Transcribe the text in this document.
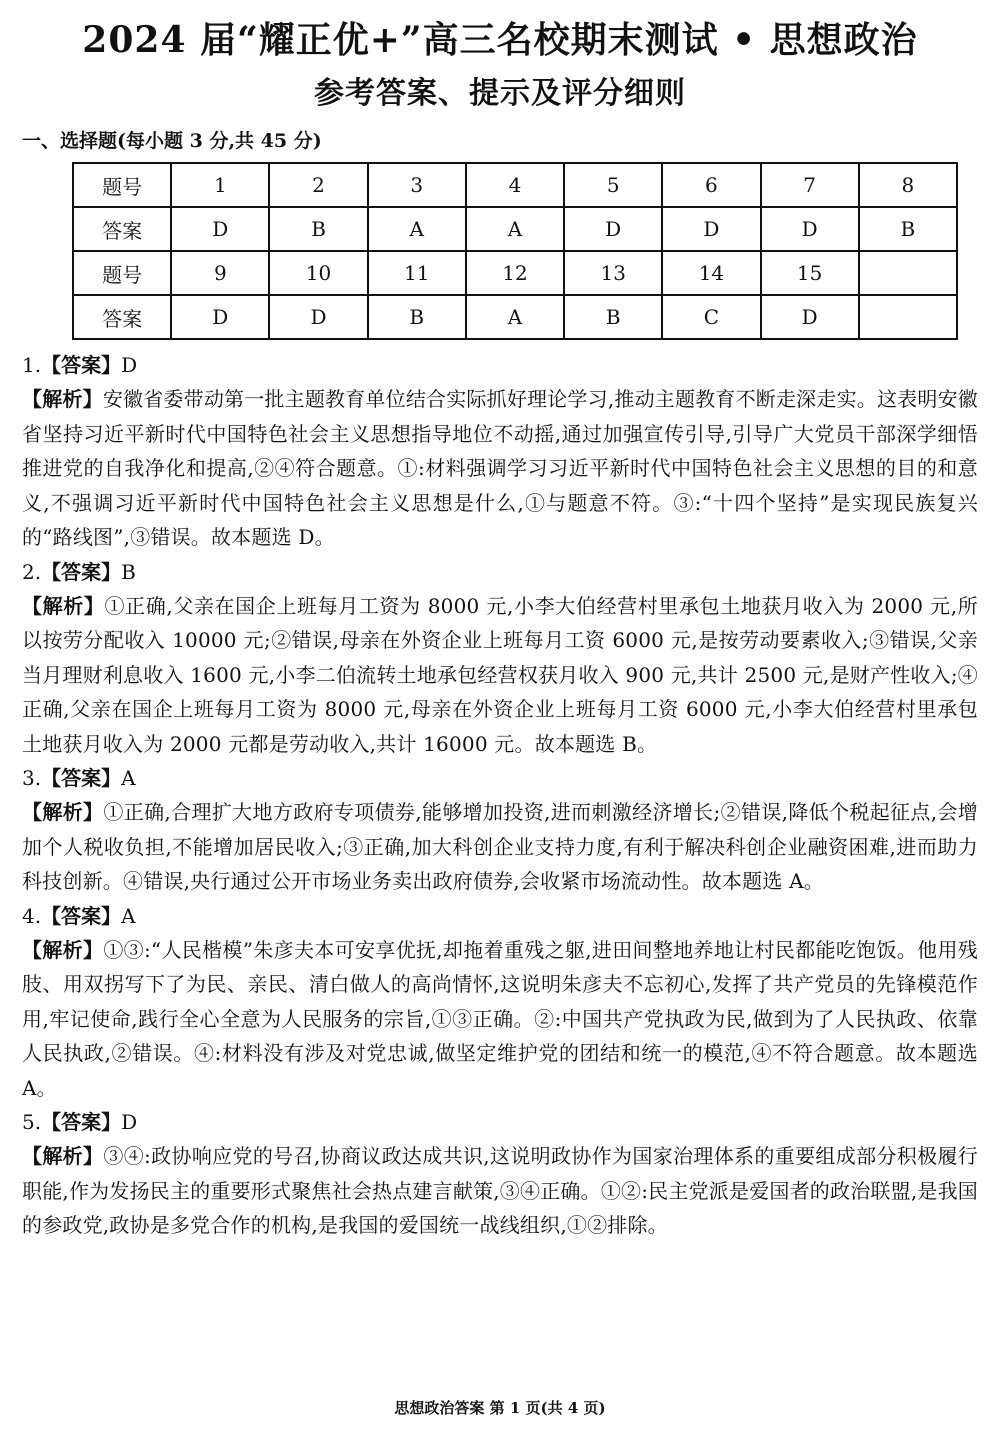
2024 届“耀正优+”高三名校期末测试 • 思想政治
参考答案、提示及评分细则

一、选择题(每小题 3 分,共 45 分)

题号	1	2	3	4	5	6	7	8
答案	D	B	A	A	D	D	D	B
题号	9	10	11	12	13	14	15	
答案	D	D	B	A	B	C	D	

1.【答案】D

【解析】安徽省委带动第一批主题教育单位结合实际抓好理论学习,推动主题教育不断走深走实。这表明安徽省坚持习近平新时代中国特色社会主义思想指导地位不动摇,通过加强宣传引导,引导广大党员干部深学细悟推进党的自我净化和提高,②④符合题意。①:材料强调学习习近平新时代中国特色社会主义思想的目的和意义,不强调习近平新时代中国特色社会主义思想是什么,①与题意不符。③:“十四个坚持”是实现民族复兴的“路线图”,③错误。故本题选 D。

2.【答案】B

【解析】①正确,父亲在国企上班每月工资为 8000 元,小李大伯经营村里承包土地获月收入为 2000 元,所以按劳分配收入 10000 元;②错误,母亲在外资企业上班每月工资 6000 元,是按劳动要素收入;③错误,父亲当月理财利息收入 1600 元,小李二伯流转土地承包经营权获月收入 900 元,共计 2500 元,是财产性收入;④正确,父亲在国企上班每月工资为 8000 元,母亲在外资企业上班每月工资 6000 元,小李大伯经营村里承包土地获月收入为 2000 元都是劳动收入,共计 16000 元。故本题选 B。

3.【答案】A

【解析】①正确,合理扩大地方政府专项债券,能够增加投资,进而刺激经济增长;②错误,降低个税起征点,会增加个人税收负担,不能增加居民收入;③正确,加大科创企业支持力度,有利于解决科创企业融资困难,进而助力科技创新。④错误,央行通过公开市场业务卖出政府债券,会收紧市场流动性。故本题选 A。

4.【答案】A

【解析】①③:“人民楷模”朱彦夫本可安享优抚,却拖着重残之躯,进田间整地养地让村民都能吃饱饭。他用残肢、用双拐写下了为民、亲民、清白做人的高尚情怀,这说明朱彦夫不忘初心,发挥了共产党员的先锋模范作用,牢记使命,践行全心全意为人民服务的宗旨,①③正确。②:中国共产党执政为民,做到为了人民执政、依靠人民执政,②错误。④:材料没有涉及对党忠诚,做坚定维护党的团结和统一的模范,④不符合题意。故本题选 A。

5.【答案】D

【解析】③④:政协响应党的号召,协商议政达成共识,这说明政协作为国家治理体系的重要组成部分积极履行职能,作为发扬民主的重要形式聚焦社会热点建言献策,③④正确。①②:民主党派是爱国者的政治联盟,是我国的参政党,政协是多党合作的机构,是我国的爱国统一战线组织,①②排除。

思想政治答案 第 1 页(共 4 页)
